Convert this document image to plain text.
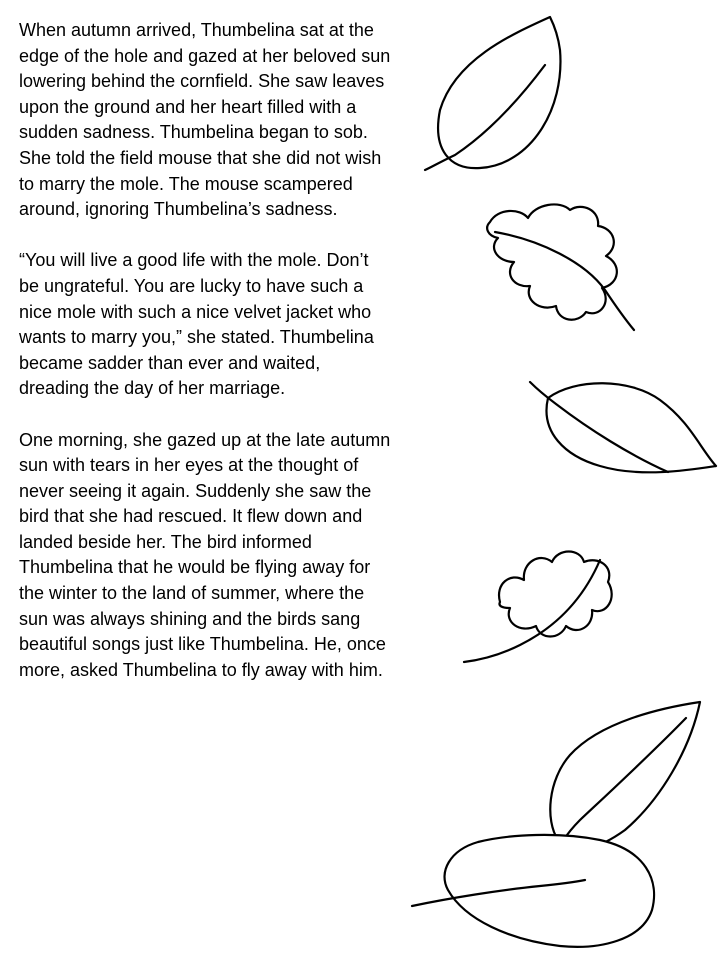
When autumn arrived, Thumbelina sat at the edge of the hole and gazed at her beloved sun lowering behind the cornfield. She saw leaves upon the ground and her heart filled with a sudden sadness. Thumbelina began to sob. She told the field mouse that she did not wish to marry the mole. The mouse scampered around, ignoring Thumbelina’s sadness.

“You will live a good life with the mole. Don’t be ungrateful. You are lucky to have such a nice mole with such a nice velvet jacket who wants to marry you,” she stated. Thumbelina became sadder than ever and waited, dreading the day of her marriage.

One morning, she gazed up at the late autumn sun with tears in her eyes at the thought of never seeing it again. Suddenly she saw the bird that she had rescued. It flew down and landed beside her. The bird informed Thumbelina that he would be flying away for the winter to the land of summer, where the sun was always shining and the birds sang beautiful songs just like Thumbelina. He, once more, asked Thumbelina to fly away with him.
